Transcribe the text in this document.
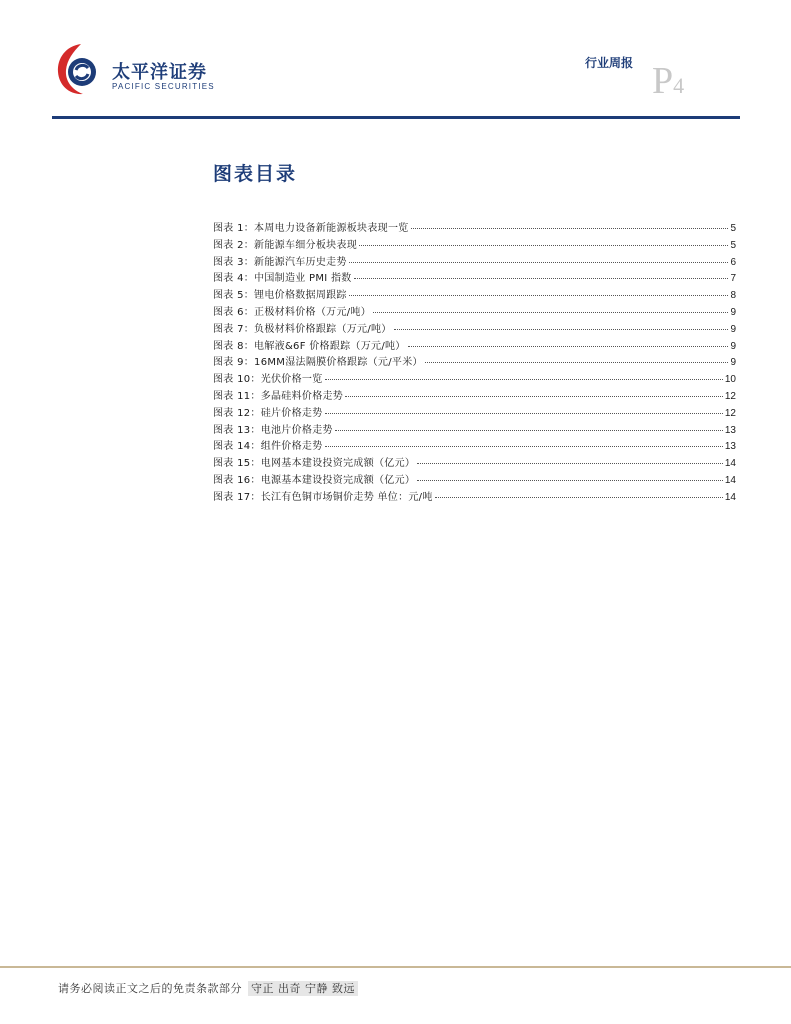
太平洋证券
PACIFIC SECURITIES
行业周报 P4
图表目录
图表 1：本周电力设备新能源板块表现一览	5
图表 2：新能源车细分板块表现	5
图表 3：新能源汽车历史走势	6
图表 4：中国制造业 PMI 指数	7
图表 5：锂电价格数据周跟踪	8
图表 6：正极材料价格（万元/吨）	9
图表 7：负极材料价格跟踪（万元/吨）	9
图表 8：电解液&6F 价格跟踪（万元/吨）	9
图表 9：16MM湿法隔膜价格跟踪（元/平米）	9
图表 10：光伏价格一览	10
图表 11：多晶硅料价格走势	12
图表 12：硅片价格走势	12
图表 13：电池片价格走势	13
图表 14：组件价格走势	13
图表 15：电网基本建设投资完成额（亿元）	14
图表 16：电源基本建设投资完成额（亿元）	14
图表 17：长江有色铜市场铜价走势 单位：元/吨	14
请务必阅读正文之后的免责条款部分 守正 出奇 宁静 致远
